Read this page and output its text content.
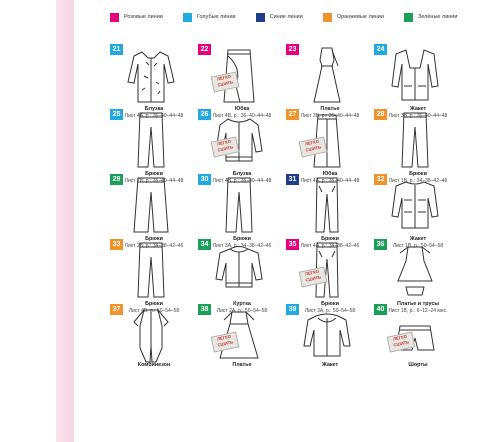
Розовые линии	Голубые линии	Синие линии	Оранжевые линии	Зелёные линии
21
Блузка
Лист 4А, р.: 36–40–44–48
22
ЛЕГКО СШИТЬ
Юбка
Лист 4В, р.: 36–40–44–48
23
Платье
Лист 3В, р.: 36–40–44–48
24
Жакет
Лист 3В, р.: 36–40–44–48
25
Брюки
Лист 2В, р.: 36–40–44–48
26
ЛЕГКО СШИТЬ
Блузка
Лист 4В, р.: 36–40–44–48
27
ЛЕГКО СШИТЬ
Юбка
Лист 4А, р.: 36–40–44–48
28
Брюки
Лист 1В, р.: 34–38–42–46
29
Брюки
Лист 2В, р.: 34–38–42–46
30
Брюки
Лист 3А, р.: 34–38–42–46
31
Брюки
Лист 4А, р.: 34–38–42–46
32
Жакет
Лист 1В, р.: 50–54–58
33
Брюки
Лист 4В, р.: 50–54–58
34
Куртка
Лист 2А, р.: 50–54–58
35
ЛЕГКО СШИТЬ
Брюки
Лист 3А, р.: 50–54–58
36
Платье и трусы
Лист 1В, р.: 6–12–24 мес.
37
Комбинезон
38
ЛЕГКО СШИТЬ
Платье
39
Жакет
40
ЛЕГКО СШИТЬ
Шорты
